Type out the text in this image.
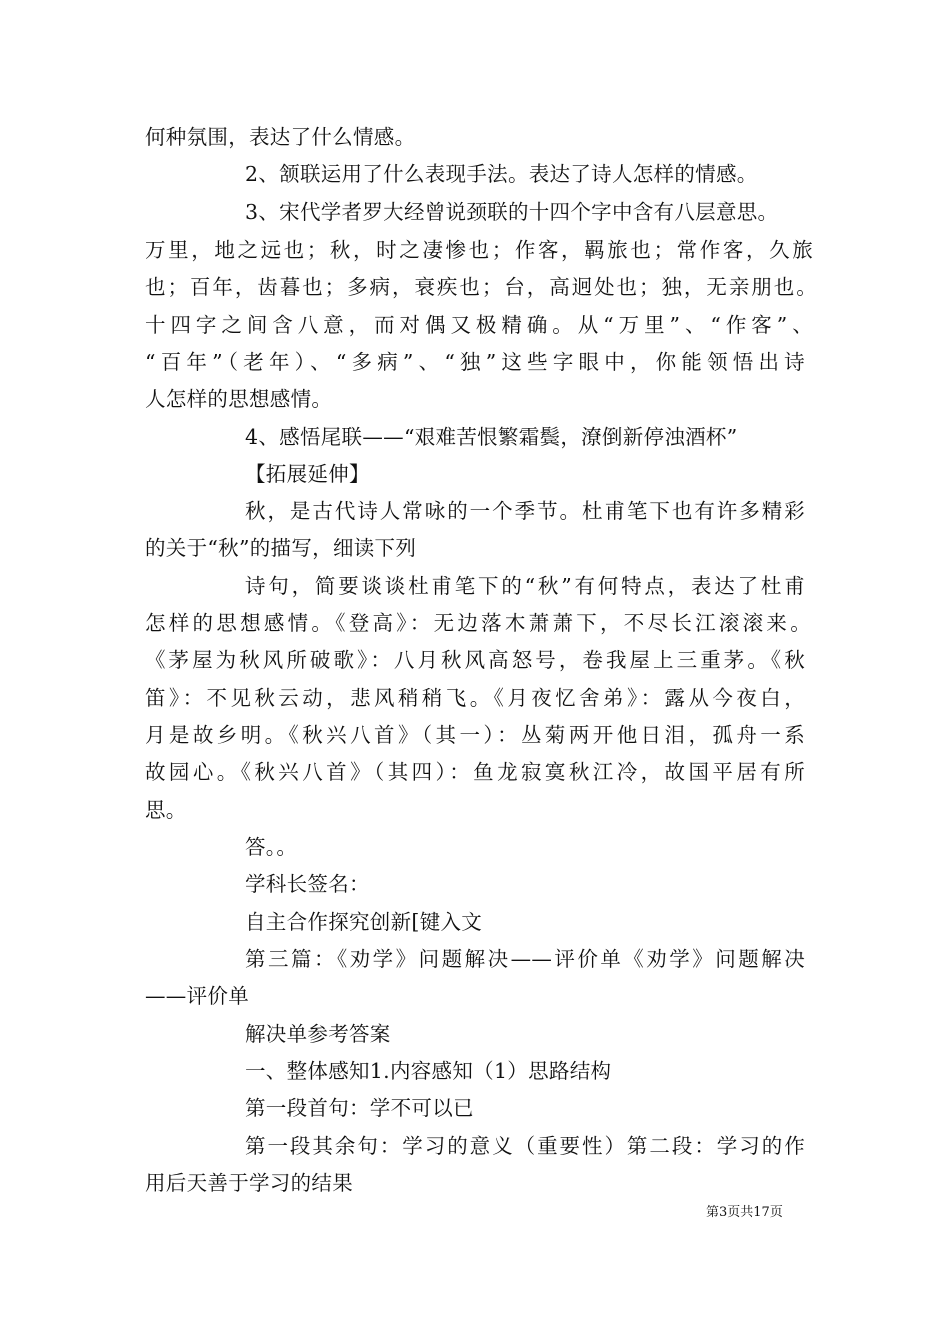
何种氛围，表达了什么情感。

2、颔联运用了什么表现手法。表达了诗人怎样的情感。

3、宋代学者罗大经曾说颈联的十四个字中含有八层意思。

万里，地之远也；秋，时之凄惨也；作客，羁旅也；常作客，久旅

也；百年，齿暮也；多病，衰疾也；台，高迥处也；独，无亲朋也。

十四字之间含八意，而对偶又极精确。从“万里”、“作客”、

“百年”（老年）、“多病”、“独”这些字眼中，你能领悟出诗

人怎样的思想感情。

4、感悟尾联——“艰难苦恨繁霜鬓，潦倒新停浊酒杯”

【拓展延伸】

秋，是古代诗人常咏的一个季节。杜甫笔下也有许多精彩

的关于“秋”的描写，细读下列

诗句，简要谈谈杜甫笔下的“秋”有何特点，表达了杜甫

怎样的思想感情。《登高》：无边落木萧萧下，不尽长江滚滚来。

《茅屋为秋风所破歌》：八月秋风高怒号，卷我屋上三重茅。《秋

笛》：不见秋云动，悲风稍稍飞。《月夜忆舍弟》：露从今夜白，

月是故乡明。《秋兴八首》（其一）：丛菊两开他日泪，孤舟一系

故园心。《秋兴八首》（其四）：鱼龙寂寞秋江冷，故国平居有所

思。

答。。

学科长签名：

自主合作探究创新[键入文

第三篇：《劝学》问题解决——评价单《劝学》问题解决

——评价单

解决单参考答案

一、整体感知1.内容感知（1）思路结构

第一段首句：学不可以已

第一段其余句：学习的意义（重要性）第二段：学习的作

用后天善于学习的结果

第3页共17页
